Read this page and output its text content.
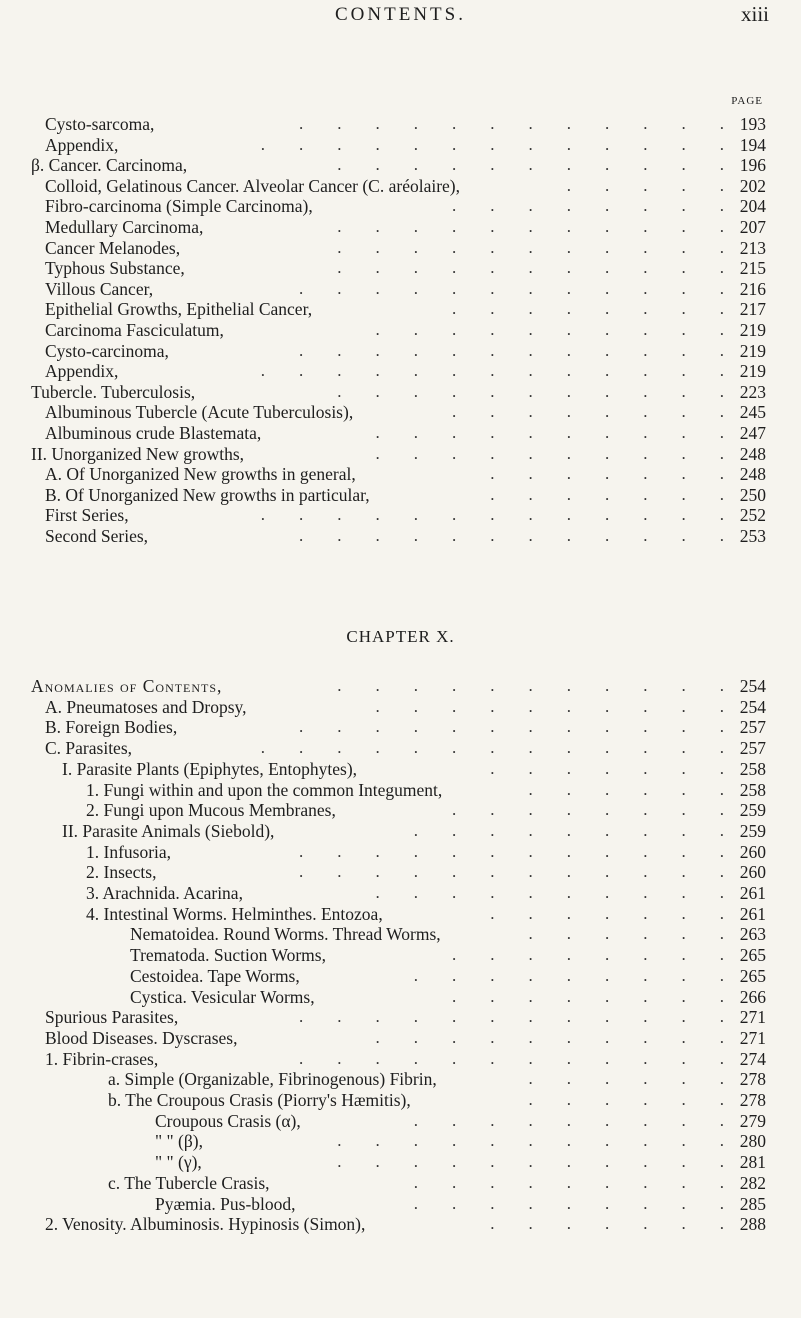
CONTENTS.	xiii
PAGE
Cysto-sarcoma,	193
.  .  .  .  .  .  .  .  .  .  .  .
Appendix,	194
.  .  .  .  .  .  .  .  .  .  .  .  .
β. Cancer. Carcinoma,	196
.  .  .  .  .  .  .  .  .  .  .
Colloid, Gelatinous Cancer. Alveolar Cancer (C. aréolaire),	202
.  .  .  .  .
Fibro-carcinoma (Simple Carcinoma),	204
.  .  .  .  .  .  .  .
Medullary Carcinoma,	207
.  .  .  .  .  .  .  .  .  .  .
Cancer Melanodes,	213
.  .  .  .  .  .  .  .  .  .  .
Typhous Substance,	215
.  .  .  .  .  .  .  .  .  .  .
Villous Cancer,	216
.  .  .  .  .  .  .  .  .  .  .  .
Epithelial Growths, Epithelial Cancer,	217
.  .  .  .  .  .  .  .
Carcinoma Fasciculatum,	219
.  .  .  .  .  .  .  .  .  .
Cysto-carcinoma,	219
.  .  .  .  .  .  .  .  .  .  .  .
Appendix,	219
.  .  .  .  .  .  .  .  .  .  .  .  .
Tubercle. Tuberculosis,	223
.  .  .  .  .  .  .  .  .  .  .
Albuminous Tubercle (Acute Tuberculosis),	245
.  .  .  .  .  .  .  .
Albuminous crude Blastemata,	247
.  .  .  .  .  .  .  .  .  .
II. Unorganized New growths,	248
.  .  .  .  .  .  .  .  .  .
A. Of Unorganized New growths in general,	248
.  .  .  .  .  .  .
B. Of Unorganized New growths in particular,	250
.  .  .  .  .  .  .
First Series,	252
.  .  .  .  .  .  .  .  .  .  .  .  .
Second Series,	253
.  .  .  .  .  .  .  .  .  .  .  .
CHAPTER X.
Anomalies of Contents,	254
.  .  .  .  .  .  .  .  .  .  .
A. Pneumatoses and Dropsy,	254
.  .  .  .  .  .  .  .  .  .
B. Foreign Bodies,	257
.  .  .  .  .  .  .  .  .  .  .  .
C. Parasites,	257
.  .  .  .  .  .  .  .  .  .  .  .  .
I. Parasite Plants (Epiphytes, Entophytes),	258
.  .  .  .  .  .  .
1. Fungi within and upon the common Integument,	258
.  .  .  .  .  .
2. Fungi upon Mucous Membranes,	259
.  .  .  .  .  .  .  .
II. Parasite Animals (Siebold),	259
.  .  .  .  .  .  .  .  .
1. Infusoria,	260
.  .  .  .  .  .  .  .  .  .  .  .
2. Insects,	260
.  .  .  .  .  .  .  .  .  .  .  .
3. Arachnida. Acarina,	261
.  .  .  .  .  .  .  .  .  .
4. Intestinal Worms. Helminthes. Entozoa,	261
.  .  .  .  .  .  .
Nematoidea. Round Worms. Thread Worms,	263
.  .  .  .  .  .
Trematoda. Suction Worms,	265
.  .  .  .  .  .  .  .
Cestoidea. Tape Worms,	265
.  .  .  .  .  .  .  .  .
Cystica. Vesicular Worms,	266
.  .  .  .  .  .  .  .
Spurious Parasites,	271
.  .  .  .  .  .  .  .  .  .  .  .
Blood Diseases. Dyscrases,	271
.  .  .  .  .  .  .  .  .  .
1. Fibrin-crases,	274
.  .  .  .  .  .  .  .  .  .  .  .
a. Simple (Organizable, Fibrinogenous) Fibrin,	278
.  .  .  .  .  .
b. The Croupous Crasis (Piorry's Hæmitis),	278
.  .  .  .  .  .
Croupous Crasis (α),	279
.  .  .  .  .  .  .  .  .
" " (β),	280
.  .  .  .  .  .  .  .  .  .  .
" " (γ),	281
.  .  .  .  .  .  .  .  .  .  .
c. The Tubercle Crasis,	282
.  .  .  .  .  .  .  .  .
Pyæmia. Pus-blood,	285
.  .  .  .  .  .  .  .  .
2. Venosity. Albuminosis. Hypinosis (Simon),	288
.  .  .  .  .  .  .
